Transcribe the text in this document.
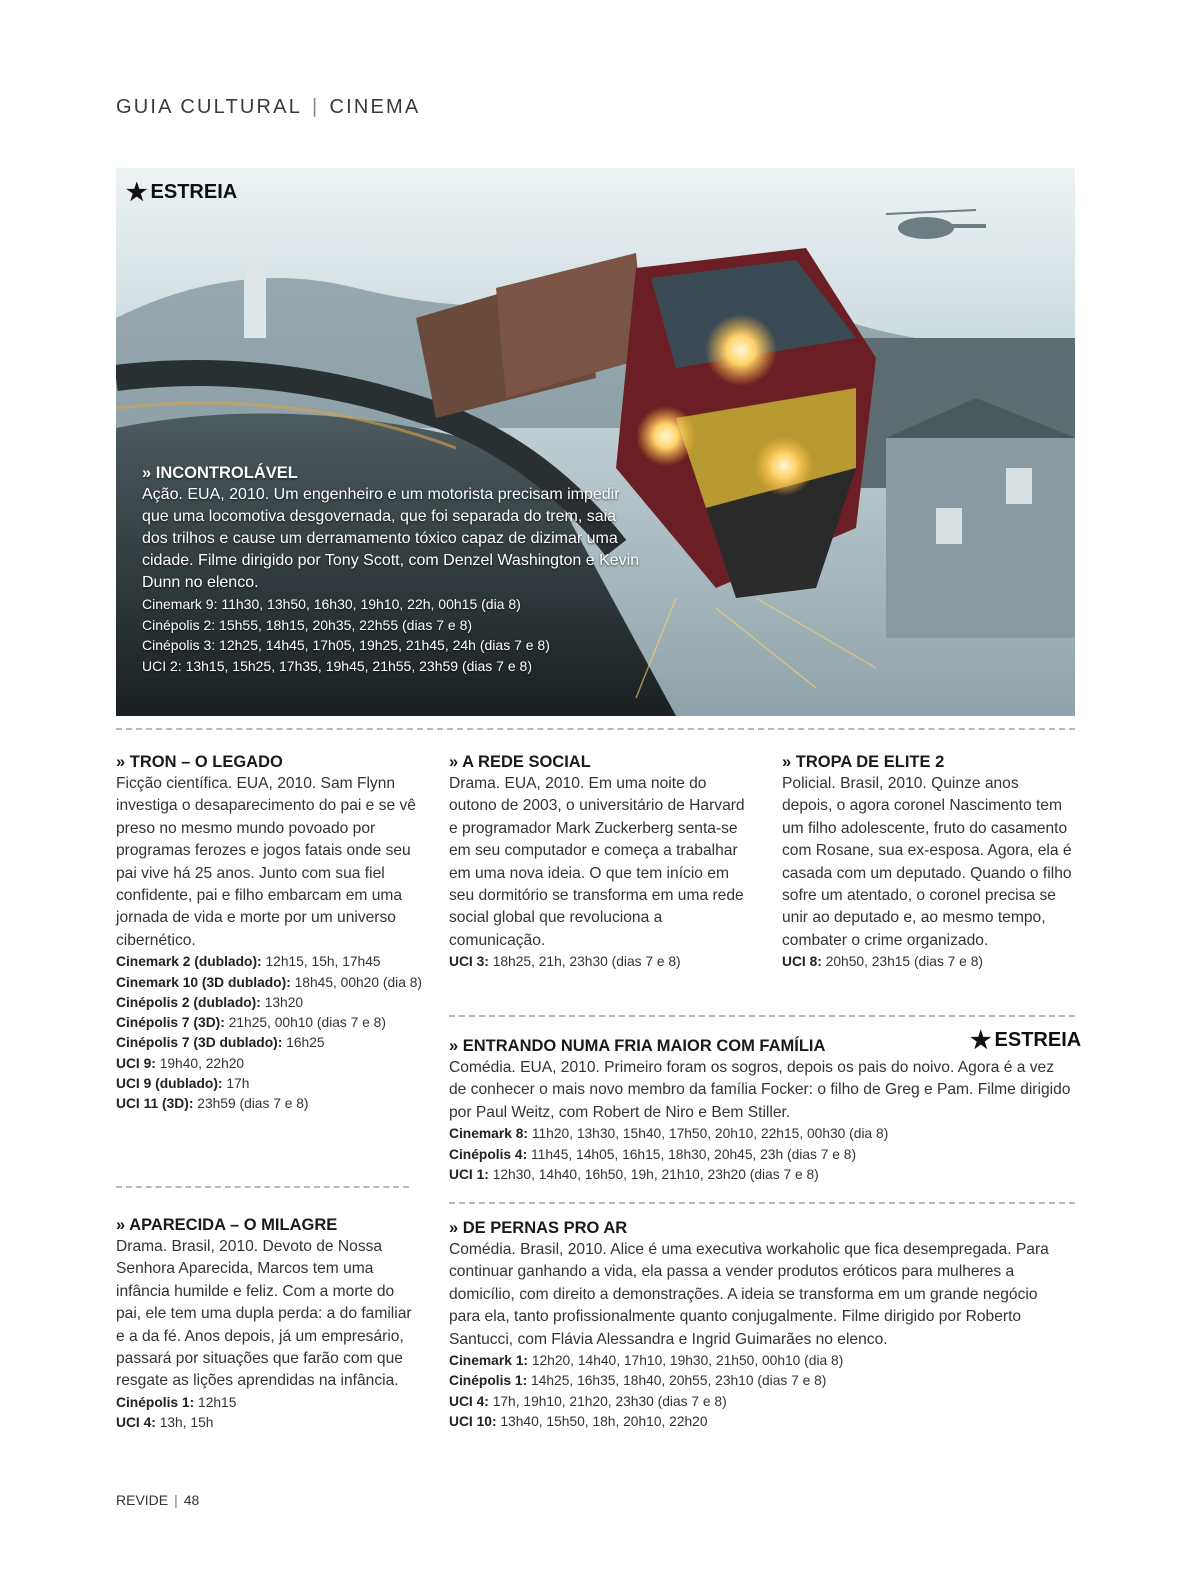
GUIA CULTURAL | CINEMA
★ ESTREIA
» INCONTROLÁVEL
Ação. EUA, 2010. Um engenheiro e um motorista precisam impedir que uma locomotiva desgovernada, que foi separada do trem, saia dos trilhos e cause um derramamento tóxico capaz de dizimar uma cidade. Filme dirigido por Tony Scott, com Denzel Washington e Kevin Dunn no elenco.
Cinemark 9: 11h30, 13h50, 16h30, 19h10, 22h, 00h15 (dia 8)
Cinépolis 2: 15h55, 18h15, 20h35, 22h55 (dias 7 e 8)
Cinépolis 3: 12h25, 14h45, 17h05, 19h25, 21h45, 24h (dias 7 e 8)
UCI 2: 13h15, 15h25, 17h35, 19h45, 21h55, 23h59 (dias 7 e 8)
» TRON – O LEGADO
Ficção científica. EUA, 2010. Sam Flynn investiga o desaparecimento do pai e se vê preso no mesmo mundo povoado por programas ferozes e jogos fatais onde seu pai vive há 25 anos. Junto com sua fiel confidente, pai e filho embarcam em uma jornada de vida e morte por um universo cibernético.
Cinemark 2 (dublado): 12h15, 15h, 17h45
Cinemark 10 (3D dublado): 18h45, 00h20 (dia 8)
Cinépolis 2 (dublado): 13h20
Cinépolis 7 (3D): 21h25, 00h10 (dias 7 e 8)
Cinépolis 7 (3D dublado): 16h25
UCI 9: 19h40, 22h20
UCI 9 (dublado): 17h
UCI 11 (3D): 23h59 (dias 7 e 8)
» A REDE SOCIAL
Drama. EUA, 2010. Em uma noite do outono de 2003, o universitário de Harvard e programador Mark Zuckerberg senta-se em seu computador e começa a trabalhar em uma nova ideia. O que tem início em seu dormitório se transforma em uma rede social global que revoluciona a comunicação.
UCI 3: 18h25, 21h, 23h30 (dias 7 e 8)
» TROPA DE ELITE 2
Policial. Brasil, 2010. Quinze anos depois, o agora coronel Nascimento tem um filho adolescente, fruto do casamento com Rosane, sua ex-esposa. Agora, ela é casada com um deputado. Quando o filho sofre um atentado, o coronel precisa se unir ao deputado e, ao mesmo tempo, combater o crime organizado.
UCI 8: 20h50, 23h15 (dias 7 e 8)
★ ESTREIA
» ENTRANDO NUMA FRIA MAIOR COM FAMÍLIA
Comédia. EUA, 2010. Primeiro foram os sogros, depois os pais do noivo. Agora é a vez de conhecer o mais novo membro da família Focker: o filho de Greg e Pam. Filme dirigido por Paul Weitz, com Robert de Niro e Bem Stiller.
Cinemark 8: 11h20, 13h30, 15h40, 17h50, 20h10, 22h15, 00h30 (dia 8)
Cinépolis 4: 11h45, 14h05, 16h15, 18h30, 20h45, 23h (dias 7 e 8)
UCI 1: 12h30, 14h40, 16h50, 19h, 21h10, 23h20 (dias 7 e 8)
» APARECIDA – O MILAGRE
Drama. Brasil, 2010. Devoto de Nossa Senhora Aparecida, Marcos tem uma infância humilde e feliz. Com a morte do pai, ele tem uma dupla perda: a do familiar e a da fé. Anos depois, já um empresário, passará por situações que farão com que resgate as lições aprendidas na infância.
Cinépolis 1: 12h15
UCI 4: 13h, 15h
» DE PERNAS PRO AR
Comédia. Brasil, 2010. Alice é uma executiva workaholic que fica desempregada. Para continuar ganhando a vida, ela passa a vender produtos eróticos para mulheres a domicílio, com direito a demonstrações. A ideia se transforma em um grande negócio para ela, tanto profissionalmente quanto conjugalmente. Filme dirigido por Roberto Santucci, com Flávia Alessandra e Ingrid Guimarães no elenco.
Cinemark 1: 12h20, 14h40, 17h10, 19h30, 21h50, 00h10 (dia 8)
Cinépolis 1: 14h25, 16h35, 18h40, 20h55, 23h10 (dias 7 e 8)
UCI 4: 17h, 19h10, 21h20, 23h30 (dias 7 e 8)
UCI 10: 13h40, 15h50, 18h, 20h10, 22h20
REVIDE | 48
